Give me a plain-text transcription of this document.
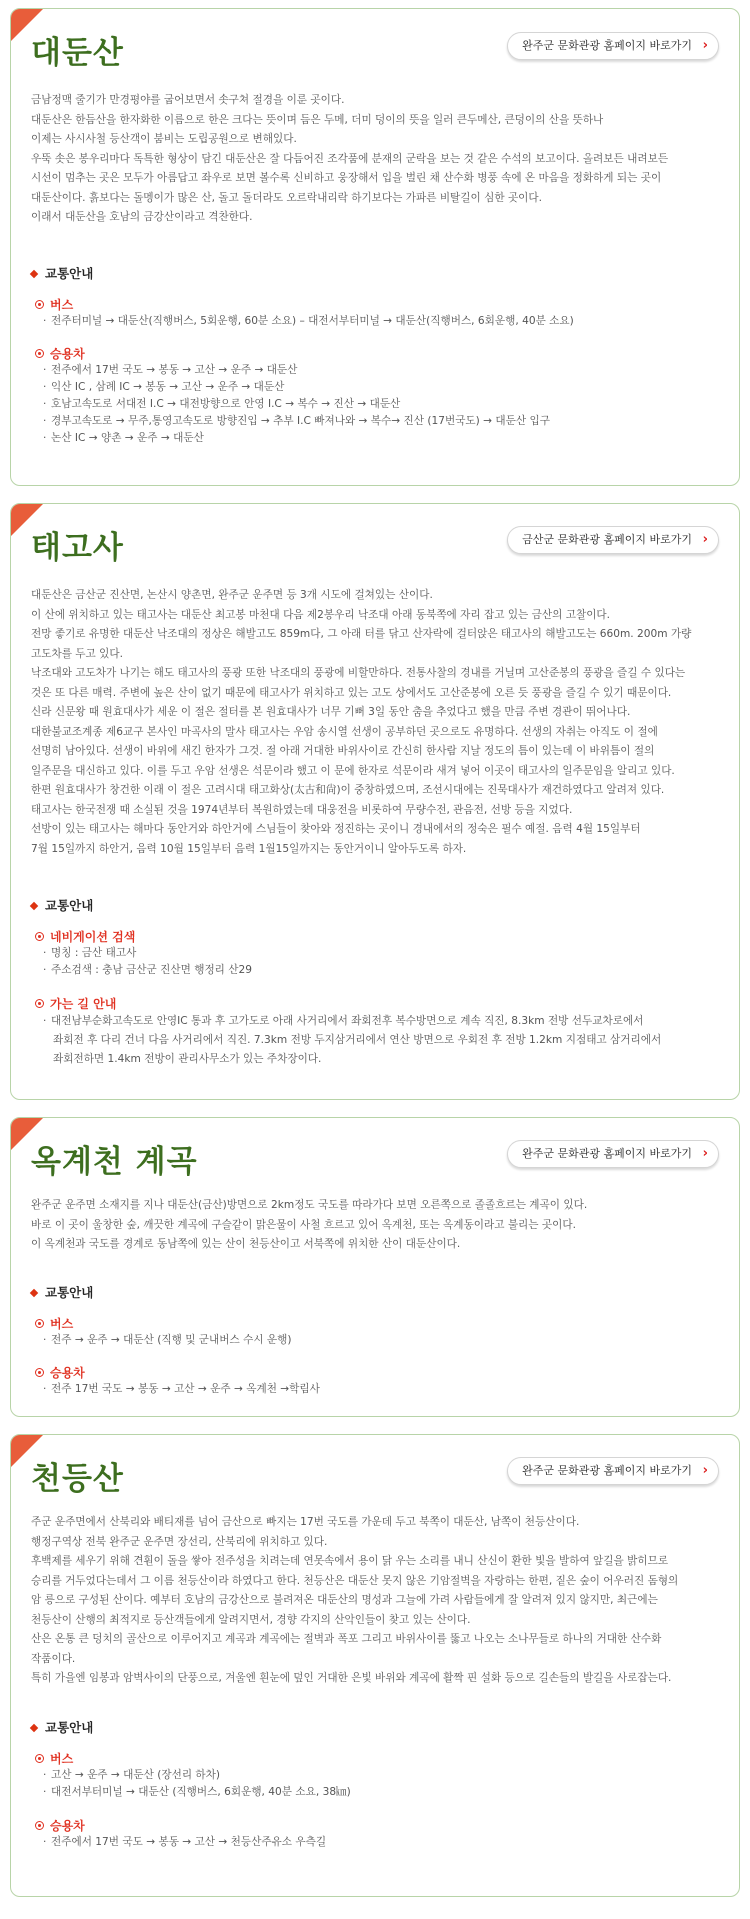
대둔산	완주군 문화관광 홈페이지 바로가기 ›

금남정맥 줄기가 만경평야를 굽어보면서 솟구쳐 절경을 이룬 곳이다.

대둔산은 한듬산을 한자화한 이름으로 한은 크다는 뜻이며 듬은 두메, 더미 덩이의 뜻을 일러 큰두메산, 큰덩이의 산을 뜻하나

이제는 사시사철 등산객이 붐비는 도립공원으로 변해있다.

우뚝 솟은 봉우리마다 독특한 형상이 담긴 대둔산은 잘 다듬어진 조각품에 분재의 군락을 보는 것 같은 수석의 보고이다. 올려보든 내려보든

시선이 멈추는 곳은 모두가 아름답고 좌우로 보면 볼수록 신비하고 웅장해서 입을 벌린 채 산수화 병풍 속에 온 마음을 정화하게 되는 곳이

대둔산이다. 흙보다는 돌멩이가 많은 산, 돌고 돌더라도 오르락내리락 하기보다는 가파른 비탈길이 심한 곳이다.

이래서 대둔산을 호남의 금강산이라고 격찬한다.

교통안내
버스
· 전주터미널 → 대둔산(직행버스, 5회운행, 60분 소요) – 대전서부터미널 → 대둔산(직행버스, 6회운행, 40분 소요)
승용차
· 전주에서 17번 국도 → 봉동 → 고산 → 운주 → 대둔산
· 익산 IC , 삼례 IC → 봉동 → 고산 → 운주 → 대둔산
· 호남고속도로 서대전 I.C → 대전방향으로 안영 I.C → 복수 → 진산 → 대둔산
· 경부고속도로 → 무주,통영고속도로 방향진입 → 추부 I.C 빠져나와 → 복수→ 진산 (17번국도) → 대둔산 입구
· 논산 IC → 양촌 → 운주 → 대둔산
태고사	금산군 문화관광 홈페이지 바로가기 ›

대둔산은 금산군 진산면, 논산시 양촌면, 완주군 운주면 등 3개 시도에 걸쳐있는 산이다.

이 산에 위치하고 있는 태고사는 대둔산 최고봉 마천대 다음 제2봉우리 낙조대 아래 동북쪽에 자리 잡고 있는 금산의 고찰이다.

전망 좋기로 유명한 대둔산 낙조대의 정상은 해발고도 859m다, 그 아래 터를 닦고 산자락에 걸터앉은 태고사의 해발고도는 660m. 200m 가량

고도차를 두고 있다.

낙조대와 고도차가 나기는 해도 태고사의 풍광 또한 낙조대의 풍광에 비할만하다. 전통사찰의 경내를 거닐며 고산준봉의 풍광을 즐길 수 있다는

것은 또 다른 매력. 주변에 높은 산이 없기 때문에 태고사가 위치하고 있는 고도 상에서도 고산준봉에 오른 듯 풍광을 즐길 수 있기 때문이다.

신라 신문왕 때 원효대사가 세운 이 절은 절터를 본 원효대사가 너무 기뻐 3일 동안 춤을 추었다고 했을 만큼 주변 경관이 뛰어나다.

대한불교조계종 제6교구 본사인 마곡사의 말사 태고사는 우암 송시열 선생이 공부하던 곳으로도 유명하다. 선생의 자취는 아직도 이 절에

선명히 남아있다. 선생이 바위에 새긴 한자가 그것. 절 아래 거대한 바위사이로 간신히 한사람 지날 정도의 틈이 있는데 이 바위틈이 절의

일주문을 대신하고 있다. 이를 두고 우암 선생은 석문이라 했고 이 문에 한자로 석문이라 새겨 넣어 이곳이 태고사의 일주문임을 알리고 있다.

한편 원효대사가 창건한 이래 이 절은 고려시대 태고화상(太古和尙)이 중창하였으며, 조선시대에는 진묵대사가 재건하였다고 알려져 있다.

태고사는 한국전쟁 때 소실된 것을 1974년부터 복원하였는데 대웅전을 비롯하여 무량수전, 관음전, 선방 등을 지었다.

선방이 있는 태고사는 해마다 동안거와 하안거에 스님들이 찾아와 정진하는 곳이니 경내에서의 정숙은 필수 예절. 음력 4월 15일부터

7월 15일까지 하안거, 음력 10월 15일부터 음력 1월15일까지는 동안거이니 알아두도록 하자.

교통안내
네비게이션 검색
· 명칭 : 금산 태고사
· 주소검색 : 충남 금산군 진산면 행정리 산29
가는 길 안내
· 대전남부순화고속도로 안영IC 통과 후 고가도로 아래 사거리에서 좌회전후 복수방면으로 계속 직진, 8.3km 전방 선두교차로에서
좌회전 후 다리 건너 다음 사거리에서 직진. 7.3km 전방 두지삼거리에서 연산 방면으로 우회전 후 전방 1.2km 지점태고 삼거리에서
좌회전하면 1.4km 전방이 관리사무소가 있는 주차장이다.
옥계천 계곡	완주군 문화관광 홈페이지 바로가기 ›

완주군 운주면 소재지를 지나 대둔산(금산)방면으로 2km정도 국도를 따라가다 보면 오른쪽으로 졸졸흐르는 계곡이 있다.

바로 이 곳이 울창한 숲, 깨끗한 계곡에 구슬같이 맑은물이 사철 흐르고 있어 옥계천, 또는 옥계동이라고 불리는 곳이다.

이 옥계천과 국도를 경계로 동남쪽에 있는 산이 천등산이고 서북쪽에 위치한 산이 대둔산이다.

교통안내
버스
· 전주 → 운주 → 대둔산 (직행 및 군내버스 수시 운행)
승용차
· 전주 17번 국도 → 봉동 → 고산 → 운주 → 옥계천 →학림사
천등산	완주군 문화관광 홈페이지 바로가기 ›

주군 운주면에서 산북리와 배티재를 넘어 금산으로 빠지는 17번 국도를 가운데 두고 북쪽이 대둔산, 남쪽이 천등산이다.

행정구역상 전북 완주군 운주면 장선리, 산북리에 위치하고 있다.

후백제를 세우기 위해 견훤이 돌을 쌓아 전주성을 치려는데 연못속에서 용이 닭 우는 소리를 내니 산신이 환한 빛을 발하여 앞길을 밝히므로

승리를 거두었다는데서 그 이름 천등산이라 하였다고 한다. 천등산은 대둔산 못지 않은 기암절벽을 자랑하는 한편, 짙은 숲이 어우러진 돔형의

암 릉으로 구성된 산이다. 예부터 호남의 금강산으로 불려져온 대둔산의 명성과 그늘에 가려 사람들에게 잘 알려져 있지 않지만, 최근에는

천등산이 산행의 최적지로 등산객들에게 알려지면서, 경향 각지의 산악인들이 찾고 있는 산이다.

산은 온통 큰 덩치의 골산으로 이루어지고 계곡과 계곡에는 절벽과 폭포 그리고 바위사이를 뚫고 나오는 소나무들로 하나의 거대한 산수화

작품이다.

특히 가을엔 임봉과 암벽사이의 단풍으로, 겨울엔 흰눈에 덮인 거대한 은빛 바위와 계곡에 활짝 핀 설화 등으로 길손들의 발길을 사로잡는다.

교통안내
버스
· 고산 → 운주 → 대둔산 (장선리 하차)
· 대전서부터미널 → 대둔산 (직행버스, 6회운행, 40분 소요, 38㎞)
승용차
· 전주에서 17번 국도 → 봉동 → 고산 → 천등산주유소 우측길
